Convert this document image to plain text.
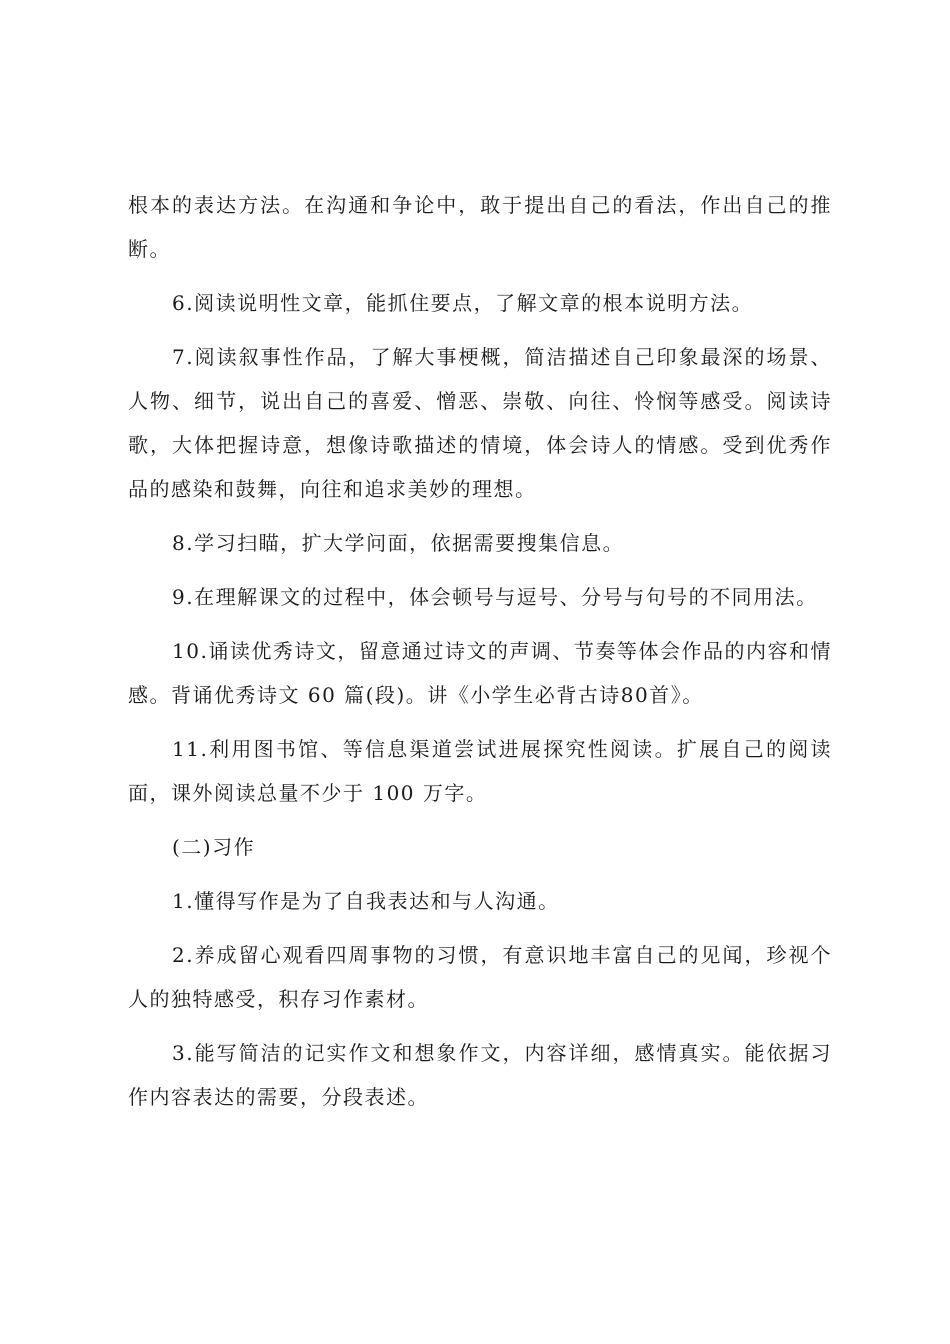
根本的表达方法。在沟通和争论中，敢于提出自己的看法，作出自己的推断。

6.阅读说明性文章，能抓住要点，了解文章的根本说明方法。

7.阅读叙事性作品，了解大事梗概，简洁描述自己印象最深的场景、人物、细节，说出自己的喜爱、憎恶、崇敬、向往、怜悯等感受。阅读诗歌，大体把握诗意，想像诗歌描述的情境，体会诗人的情感。受到优秀作品的感染和鼓舞，向往和追求美妙的理想。

8.学习扫瞄，扩大学问面，依据需要搜集信息。

9.在理解课文的过程中，体会顿号与逗号、分号与句号的不同用法。

10.诵读优秀诗文，留意通过诗文的声调、节奏等体会作品的内容和情感。背诵优秀诗文 60 篇(段)。讲《小学生必背古诗80首》。

11.利用图书馆、等信息渠道尝试进展探究性阅读。扩展自己的阅读面，课外阅读总量不少于 100 万字。

(二)习作

1.懂得写作是为了自我表达和与人沟通。

2.养成留心观看四周事物的习惯，有意识地丰富自己的见闻，珍视个人的独特感受，积存习作素材。

3.能写简洁的记实作文和想象作文，内容详细，感情真实。能依据习作内容表达的需要，分段表述。
